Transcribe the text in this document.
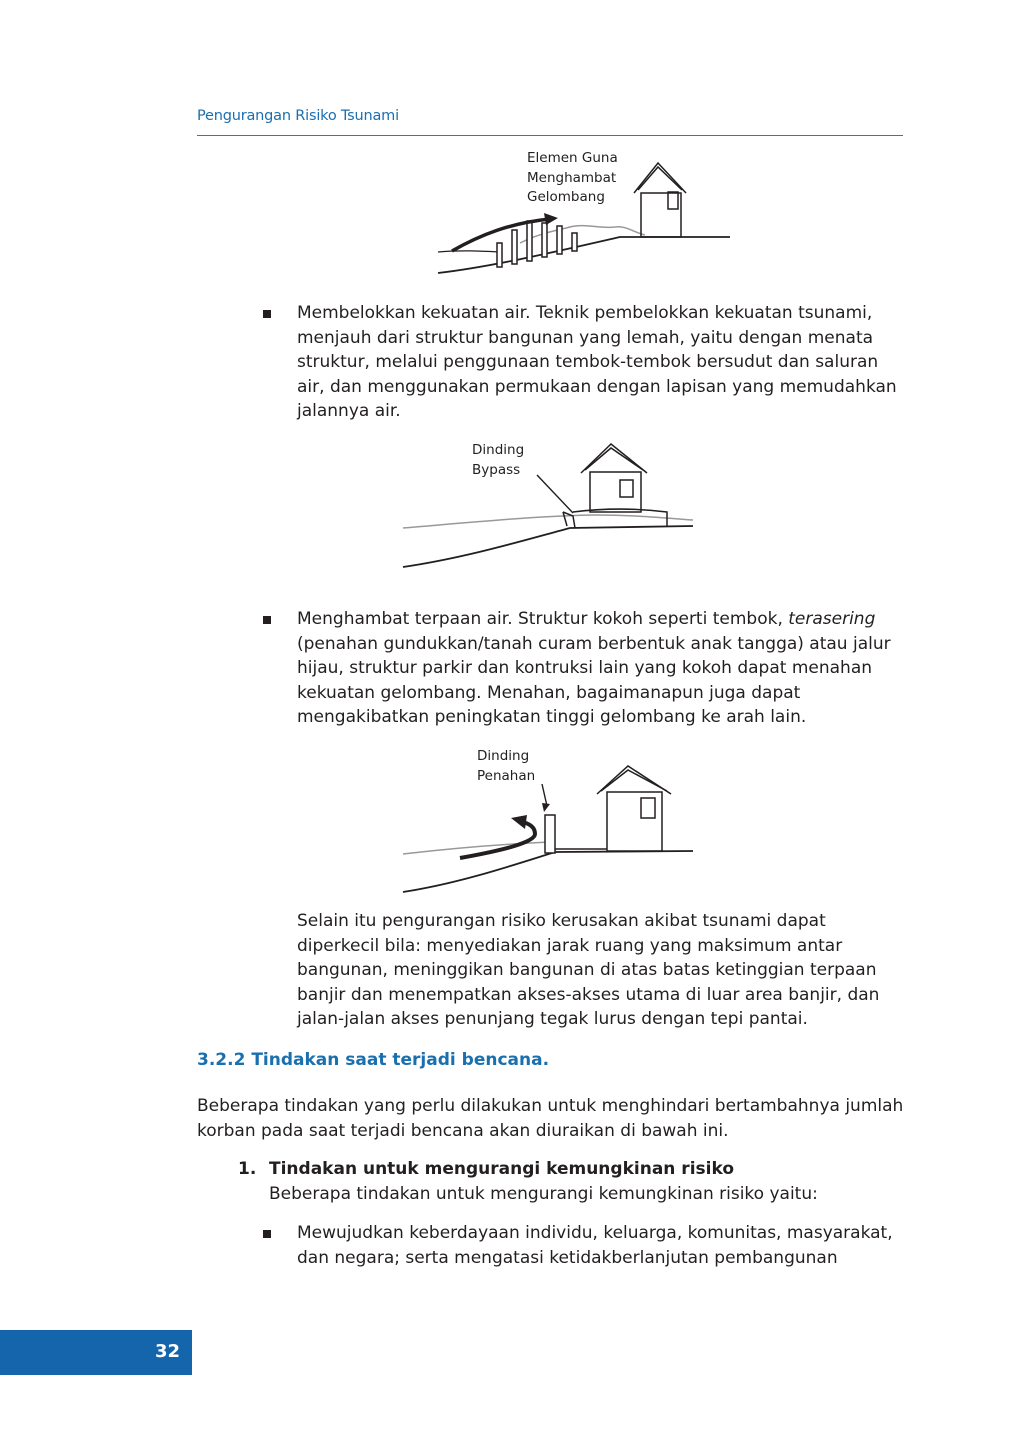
Pengurangan Risiko Tsunami
Elemen Guna
Menghambat
Gelombang
Membelokkan kekuatan air. Teknik pembelokkan kekuatan tsunami, menjauh dari struktur bangunan yang lemah, yaitu dengan menata struktur, melalui penggunaan tembok-tembok bersudut dan saluran air, dan menggunakan permukaan dengan lapisan yang memudahkan jalannya air.
Dinding
Bypass
Menghambat terpaan air. Struktur kokoh seperti tembok, terasering (penahan gundukkan/tanah curam berbentuk anak tangga) atau jalur hijau, struktur parkir dan kontruksi lain yang kokoh dapat menahan kekuatan gelombang. Menahan, bagaimanapun juga dapat mengakibatkan peningkatan tinggi gelombang ke arah lain.
Dinding
Penahan
Selain itu pengurangan risiko kerusakan akibat tsunami dapat diperkecil bila: menyediakan jarak ruang yang maksimum antar bangunan, meninggikan bangunan di atas batas ketinggian terpaan banjir dan menempatkan akses-akses utama di luar area banjir, dan jalan-jalan akses penunjang tegak lurus dengan tepi pantai.
3.2.2 Tindakan saat terjadi bencana.
Beberapa tindakan yang perlu dilakukan untuk menghindari bertambahnya jumlah korban pada saat terjadi bencana akan diuraikan di bawah ini.
1. Tindakan untuk mengurangi kemungkinan risiko
Beberapa tindakan untuk mengurangi kemungkinan risiko yaitu:
Mewujudkan keberdayaan individu, keluarga, komunitas, masyarakat, dan negara; serta mengatasi ketidakberlanjutan pembangunan
32
